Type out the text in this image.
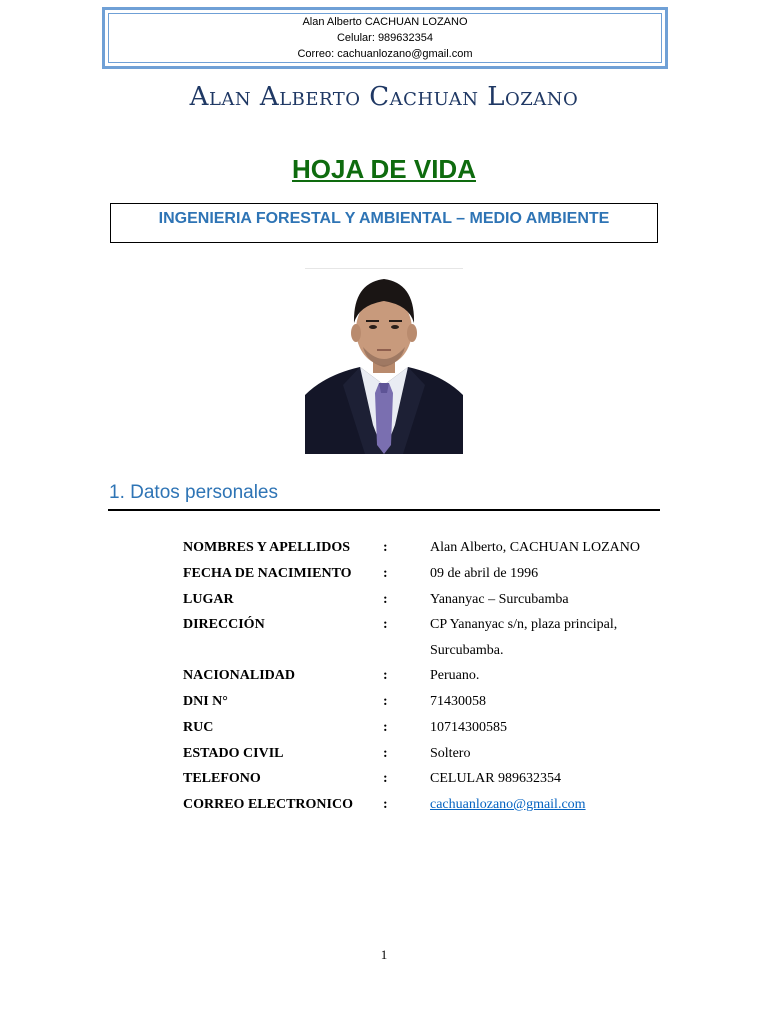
Alan Alberto CACHUAN LOZANO
Celular: 989632354
Correo: cachuanlozano@gmail.com
Alan Alberto Cachuan Lozano
HOJA DE VIDA
INGENIERIA FORESTAL Y AMBIENTAL – MEDIO AMBIENTE
1. Datos personales
NOMBRES Y APELLIDOS :	Alan Alberto, CACHUAN LOZANO
FECHA DE NACIMIENTO :	09 de abril de 1996
LUGAR	:	Yananyac – Surcubamba
DIRECCIÓN	:	CP Yananyac s/n, plaza principal,
Surcubamba.
NACIONALIDAD	:	Peruano.
DNI N°	:	71430058
RUC	:	10714300585
ESTADO CIVIL	:	Soltero
TELEFONO	:	CELULAR 989632354
CORREO ELECTRONICO :	cachuanlozano@gmail.com
1
